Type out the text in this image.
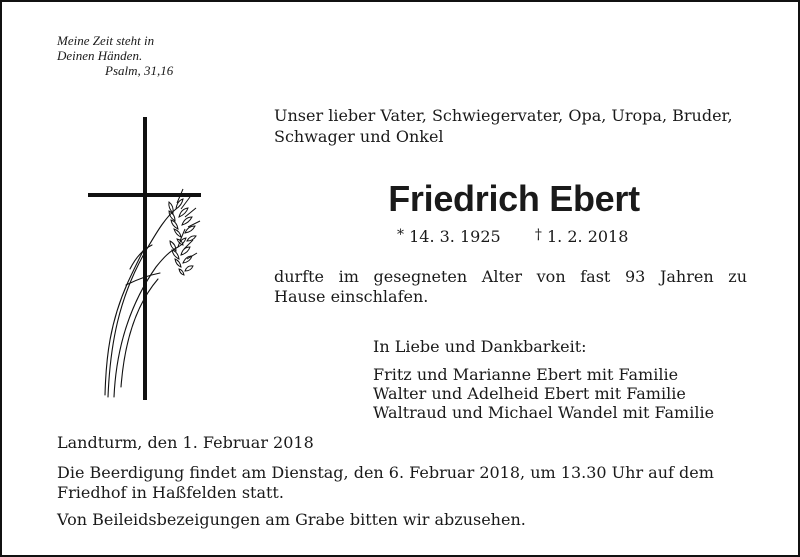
Meine Zeit steht in
Deinen Händen.
Psalm, 31,16
Unser lieber Vater, Schwiegervater, Opa, Uropa, Bruder,
Schwager und Onkel
Friedrich Ebert
* 14. 3. 1925 † 1. 2. 2018
durfte im gesegneten Alter von fast 93 Jahren zu
Hause einschlafen.
In Liebe und Dankbarkeit:
Fritz und Marianne Ebert mit Familie
Walter und Adelheid Ebert mit Familie
Waltraud und Michael Wandel mit Familie
Landturm, den 1. Februar 2018
Die Beerdigung findet am Dienstag, den 6. Februar 2018, um 13.30 Uhr auf dem
Friedhof in Haßfelden statt.
Von Beileidsbezeigungen am Grabe bitten wir abzusehen.
